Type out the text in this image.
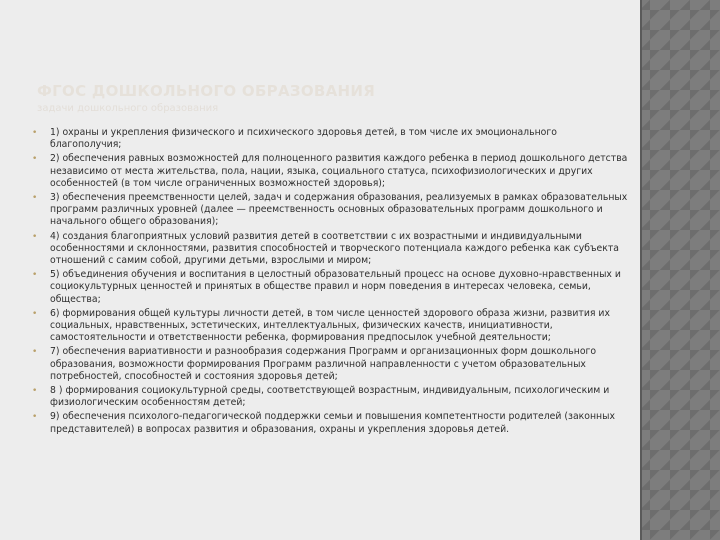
ФГОС ДОШКОЛЬНОГО ОБРАЗОВАНИЯ
задачи дошкольного образования
• 1) охраны и укрепления физического и психического здоровья детей, в том числе их эмоционального благополучия;
• 2) обеспечения равных возможностей для полноценного развития каждого ребенка в период дошкольного детства независимо от места жительства, пола, нации, языка, социального статуса, психофизиологических и других особенностей (в том числе ограниченных возможностей здоровья);
• 3) обеспечения преемственности целей, задач и содержания образования, реализуемых в рамках образовательных программ различных уровней (далее — преемственность основных образовательных программ дошкольного и начального общего образования);
• 4) создания благоприятных условий развития детей в соответствии с их возрастными и индивидуальными особенностями и склонностями, развития способностей и творческого потенциала каждого ребенка как субъекта отношений с самим собой, другими детьми, взрослыми и миром;
• 5) объединения обучения и воспитания в целостный образовательный процесс на основе духовно-нравственных и социокультурных ценностей и принятых в обществе правил и норм поведения в интересах человека, семьи, общества;
• 6) формирования общей культуры личности детей, в том числе ценностей здорового образа жизни, развития их социальных, нравственных, эстетических, интеллектуальных, физических качеств, инициативности, самостоятельности и ответственности ребенка, формирования предпосылок учебной деятельности;
• 7) обеспечения вариативности и разнообразия содержания Программ и организационных форм дошкольного образования, возможности формирования Программ различной направленности с учетом образовательных потребностей, способностей и состояния здоровья детей;
• 8 ) формирования социокультурной среды, соответствующей возрастным, индивидуальным, психологическим и физиологическим особенностям детей;
• 9) обеспечения психолого-педагогической поддержки семьи и повышения компетентности родителей (законных представителей) в вопросах развития и образования, охраны и укрепления здоровья детей.
